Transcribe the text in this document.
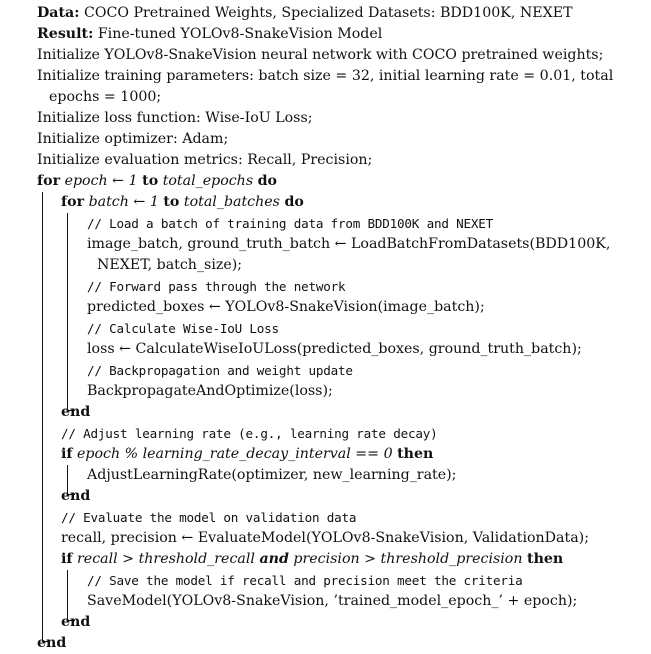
Data: COCO Pretrained Weights, Specialized Datasets: BDD100K, NEXET
Result: Fine-tuned YOLOv8-SnakeVision Model
Initialize YOLOv8-SnakeVision neural network with COCO pretrained weights;
Initialize training parameters: batch size = 32, initial learning rate = 0.01, total
epochs = 1000;
Initialize loss function: Wise-IoU Loss;
Initialize optimizer: Adam;
Initialize evaluation metrics: Recall, Precision;
for epoch ← 1 to total_epochs do
for batch ← 1 to total_batches do
// Load a batch of training data from BDD100K and NEXET
image_batch, ground_truth_batch ← LoadBatchFromDatasets(BDD100K,
NEXET, batch_size);
// Forward pass through the network
predicted_boxes ← YOLOv8-SnakeVision(image_batch);
// Calculate Wise-IoU Loss
loss ← CalculateWiseIoULoss(predicted_boxes, ground_truth_batch);
// Backpropagation and weight update
BackpropagateAndOptimize(loss);
end
// Adjust learning rate (e.g., learning rate decay)
if epoch % learning_rate_decay_interval == 0 then
AdjustLearningRate(optimizer, new_learning_rate);
end
// Evaluate the model on validation data
recall, precision ← EvaluateModel(YOLOv8-SnakeVision, ValidationData);
if recall > threshold_recall and precision > threshold_precision then
// Save the model if recall and precision meet the criteria
SaveModel(YOLOv8-SnakeVision, ’trained_model_epoch_’ + epoch);
end
end
